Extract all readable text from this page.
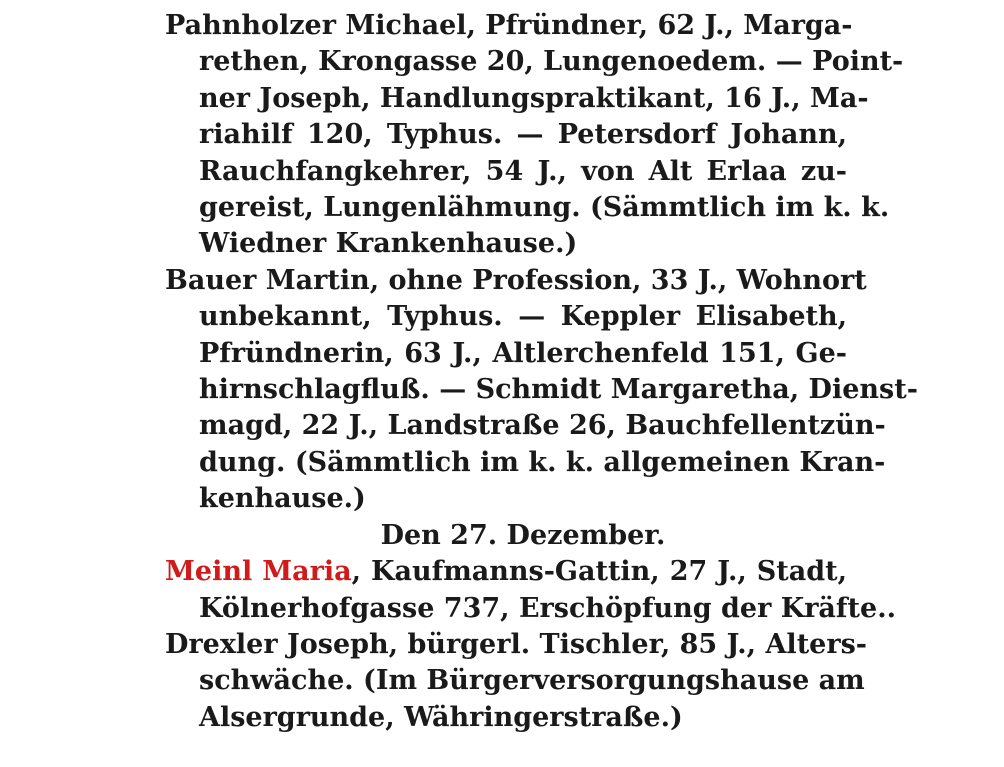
Pahnholzer Michael, Pfründner, 62 J., Marga-
rethen, Krongasse 20, Lungenoedem. — Point-
ner Joseph, Handlungspraktikant, 16 J., Ma-
riahilf 120, Typhus. — Petersdorf Johann,
Rauchfangkehrer, 54 J., von Alt Erlaa zu-
gereist, Lungenlähmung. (Sämmtlich im k. k.
Wiedner Krankenhause.)
Bauer Martin, ohne Profession, 33 J., Wohnort
unbekannt, Typhus. — Keppler Elisabeth,
Pfründnerin, 63 J., Altlerchenfeld 151, Ge-
hirnschlagfluß. — Schmidt Margaretha, Dienst-
magd, 22 J., Landstraße 26, Bauchfellentzün-
dung. (Sämmtlich im k. k. allgemeinen Kran-
kenhause.)
Den 27. Dezember.
Meinl Maria, Kaufmanns-Gattin, 27 J., Stadt,
Kölnerhofgasse 737, Erschöpfung der Kräfte..
Drexler Joseph, bürgerl. Tischler, 85 J., Alters-
schwäche. (Im Bürgerversorgungshause am
Alsergrunde, Währingerstraße.)
